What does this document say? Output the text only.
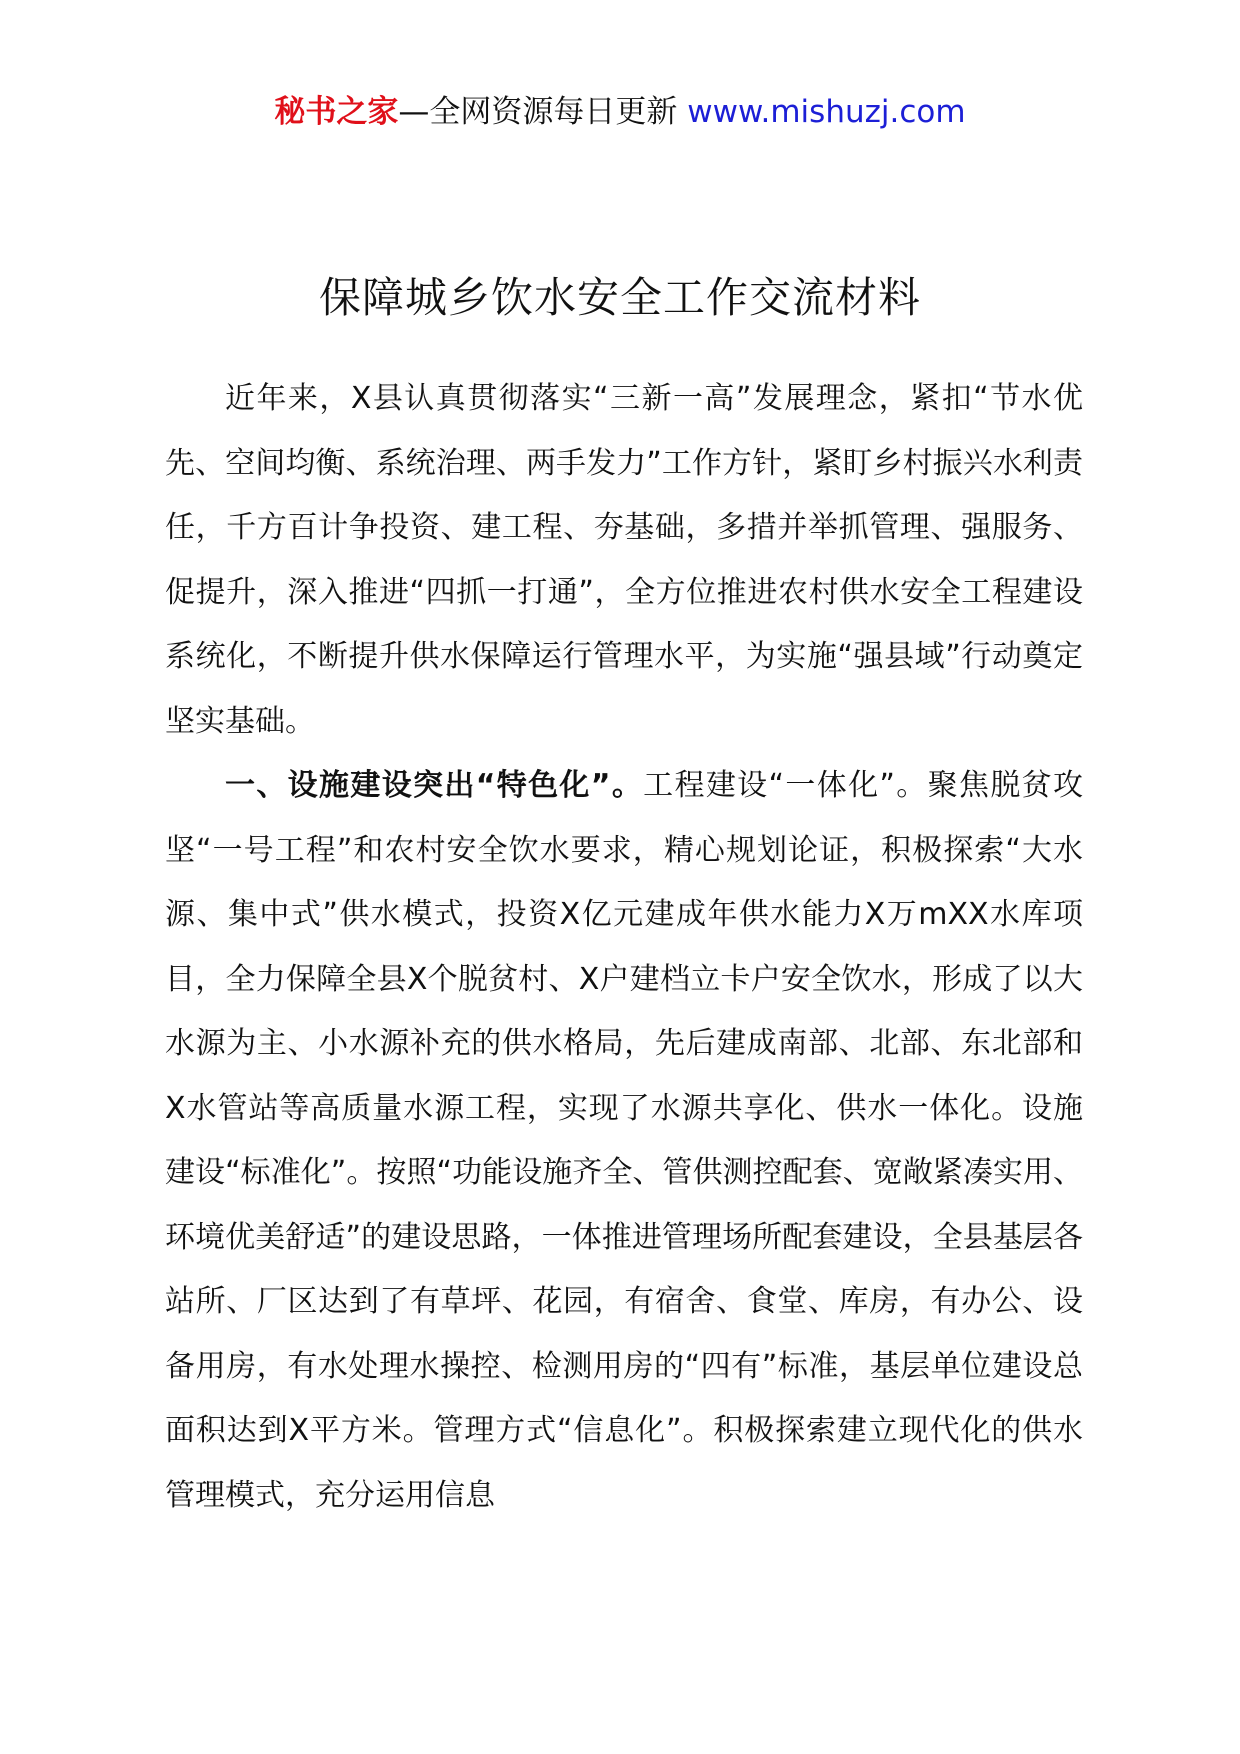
秘书之家—全网资源每日更新 www.mishuzj.com
保障城乡饮水安全工作交流材料

近年来，X县认真贯彻落实“三新一高”发展理念，紧扣“节水优先、空间均衡、系统治理、两手发力”工作方针，紧盯乡村振兴水利责任，千方百计争投资、建工程、夯基础，多措并举抓管理、强服务、促提升，深入推进“四抓一打通”，全方位推进农村供水安全工程建设系统化，不断提升供水保障运行管理水平，为实施“强县域”行动奠定坚实基础。

一、设施建设突出“特色化”。工程建设“一体化”。聚焦脱贫攻坚“一号工程”和农村安全饮水要求，精心规划论证，积极探索“大水源、集中式”供水模式，投资X亿元建成年供水能力X万mXX水库项目，全力保障全县X个脱贫村、X户建档立卡户安全饮水，形成了以大水源为主、小水源补充的供水格局，先后建成南部、北部、东北部和X水管站等高质量水源工程，实现了水源共享化、供水一体化。设施建设“标准化”。按照“功能设施齐全、管供测控配套、宽敞紧凑实用、环境优美舒适”的建设思路，一体推进管理场所配套建设，全县基层各站所、厂区达到了有草坪、花园，有宿舍、食堂、库房，有办公、设备用房，有水处理水操控、检测用房的“四有”标准，基层单位建设总面积达到X平方米。管理方式“信息化”。积极探索建立现代化的供水管理模式，充分运用信息
